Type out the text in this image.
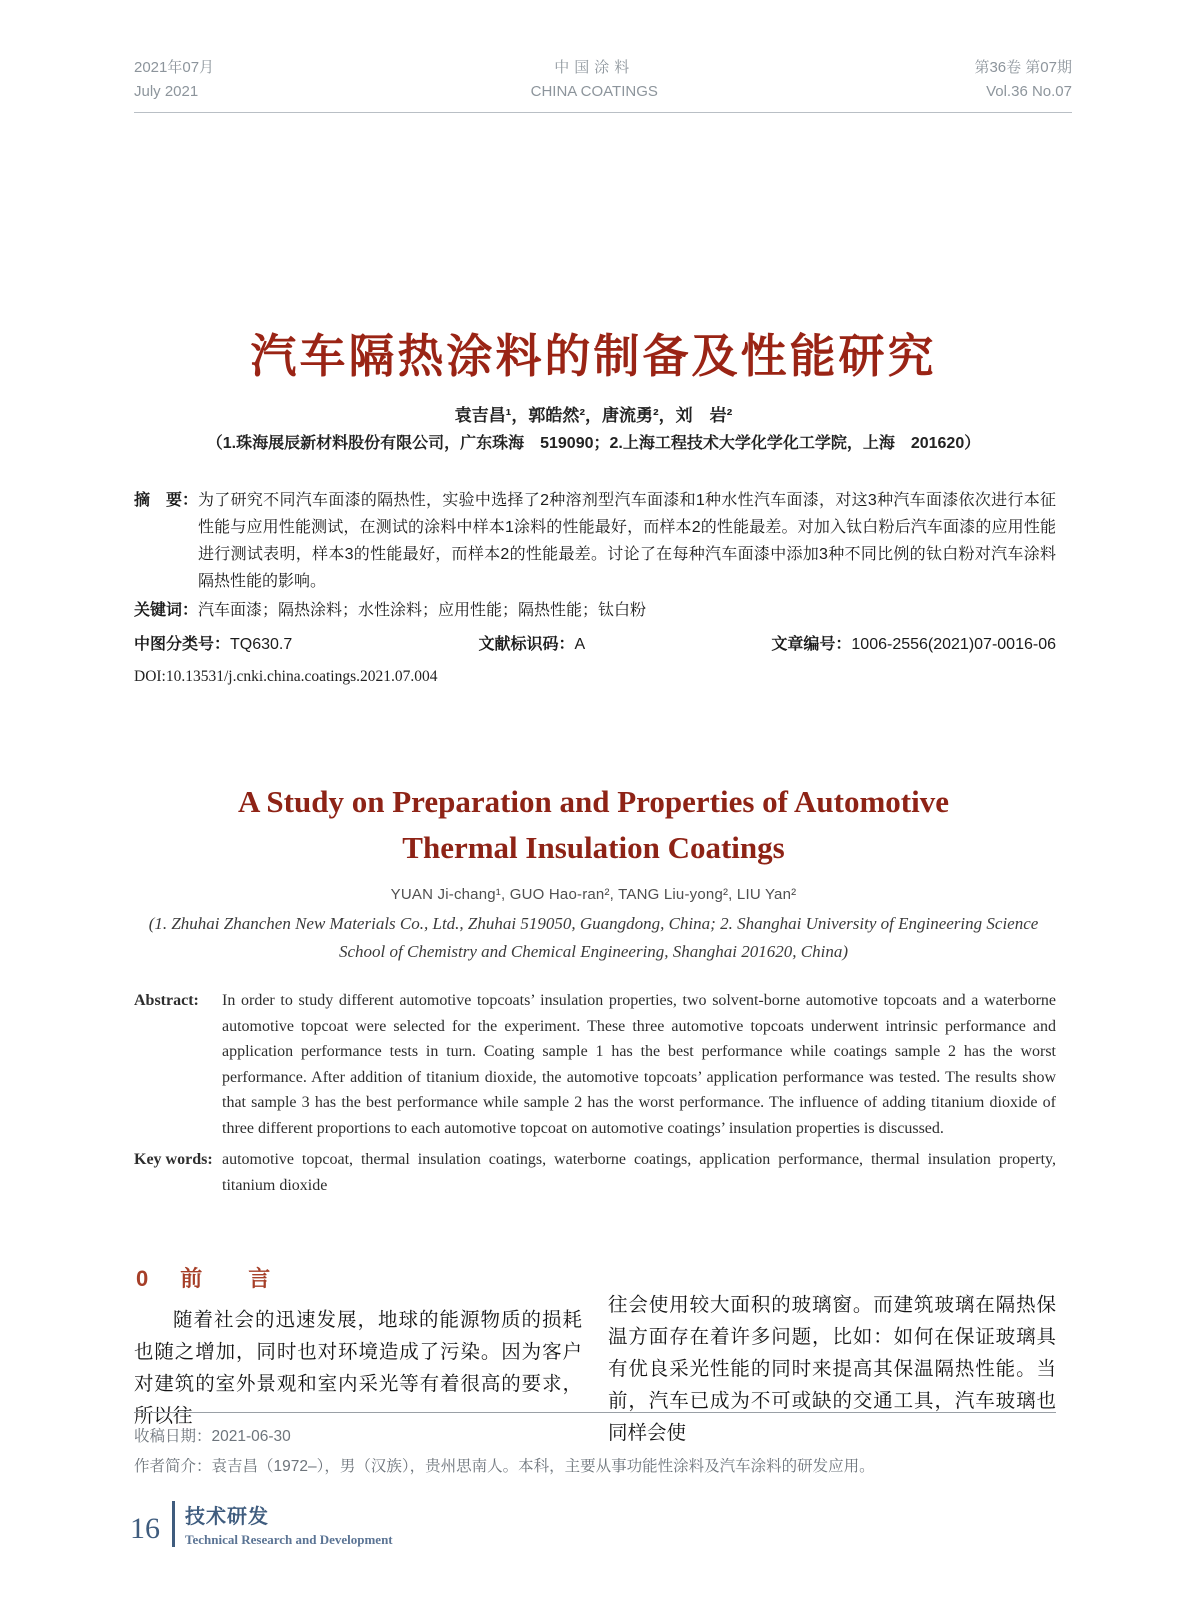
2021年07月
July 2021
中国涂料
CHINA COATINGS
第36卷 第07期
Vol.36 No.07
汽车隔热涂料的制备及性能研究
袁吉昌¹，郭皓然²，唐流勇²，刘　岩²
（1.珠海展辰新材料股份有限公司，广东珠海　519090；2.上海工程技术大学化学化工学院，上海　201620）
摘　要： 为了研究不同汽车面漆的隔热性，实验中选择了2种溶剂型汽车面漆和1种水性汽车面漆，对这3种汽车面漆依次进行本征性能与应用性能测试，在测试的涂料中样本1涂料的性能最好，而样本2的性能最差。对加入钛白粉后汽车面漆的应用性能进行测试表明，样本3的性能最好，而样本2的性能最差。讨论了在每种汽车面漆中添加3种不同比例的钛白粉对汽车涂料隔热性能的影响。
关键词： 汽车面漆；隔热涂料；水性涂料；应用性能；隔热性能；钛白粉
中图分类号：TQ630.7	文献标识码：A	文章编号：1006-2556(2021)07-0016-06
DOI:10.13531/j.cnki.china.coatings.2021.07.004
A Study on Preparation and Properties of Automotive
Thermal Insulation Coatings
YUAN Ji-chang¹, GUO Hao-ran², TANG Liu-yong², LIU Yan²
(1. Zhuhai Zhanchen New Materials Co., Ltd., Zhuhai 519050, Guangdong, China; 2. Shanghai University of Engineering Science
School of Chemistry and Chemical Engineering, Shanghai 201620, China)
Abstract:	In order to study different automotive topcoats’ insulation properties, two solvent-borne automotive topcoats and a waterborne automotive topcoat were selected for the experiment. These three automotive topcoats underwent intrinsic performance and application performance tests in turn. Coating sample 1 has the best performance while coatings sample 2 has the worst performance. After addition of titanium dioxide, the automotive topcoats’ application performance was tested. The results show that sample 3 has the best performance while sample 2 has the worst performance. The influence of adding titanium dioxide of three different proportions to each automotive topcoat on automotive coatings’ insulation properties is discussed.
Key words: automotive topcoat, thermal insulation coatings, waterborne coatings, application performance, thermal insulation property, titanium dioxide
0 前　言

随着社会的迅速发展，地球的能源物质的损耗也随之增加，同时也对环境造成了污染。因为客户对建筑的室外景观和室内采光等有着很高的要求，所以往

往会使用较大面积的玻璃窗。而建筑玻璃在隔热保温方面存在着许多问题，比如：如何在保证玻璃具有优良采光性能的同时来提高其保温隔热性能。当前，汽车已成为不可或缺的交通工具，汽车玻璃也同样会使

收稿日期：2021-06-30
作者简介：袁吉昌（1972–），男（汉族），贵州思南人。本科，主要从事功能性涂料及汽车涂料的研发应用。
16 技术研发
Technical Research and Development
